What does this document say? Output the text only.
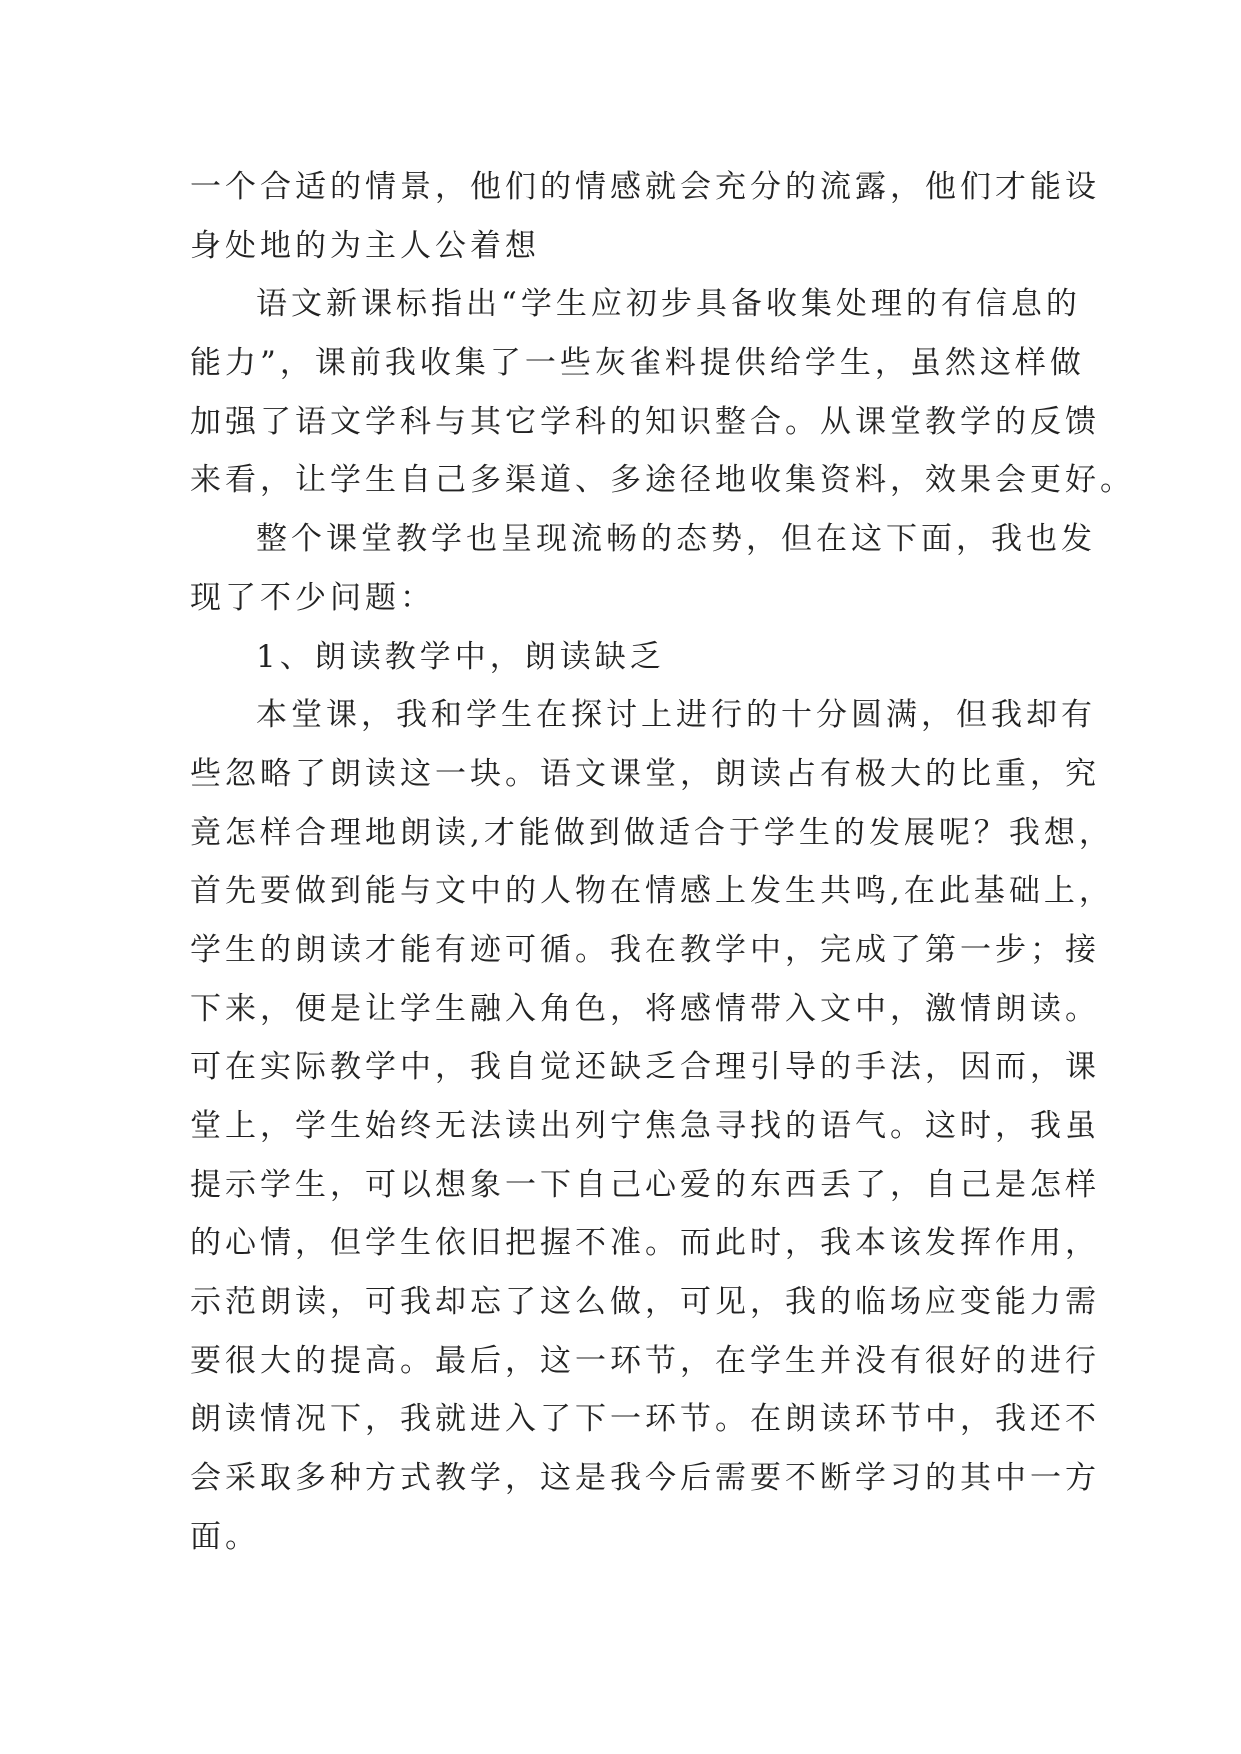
一个合适的情景，他们的情感就会充分的流露，他们才能设
身处地的为主人公着想
语文新课标指出“学生应初步具备收集处理的有信息的
能力”，课前我收集了一些灰雀料提供给学生，虽然这样做
加强了语文学科与其它学科的知识整合。从课堂教学的反馈
来看，让学生自己多渠道、多途径地收集资料，效果会更好。
整个课堂教学也呈现流畅的态势，但在这下面，我也发
现了不少问题：
1、朗读教学中，朗读缺乏
本堂课，我和学生在探讨上进行的十分圆满，但我却有
些忽略了朗读这一块。语文课堂，朗读占有极大的比重，究
竟怎样合理地朗读,才能做到做适合于学生的发展呢？我想，
首先要做到能与文中的人物在情感上发生共鸣,在此基础上，
学生的朗读才能有迹可循。我在教学中，完成了第一步；接
下来，便是让学生融入角色，将感情带入文中，激情朗读。
可在实际教学中，我自觉还缺乏合理引导的手法，因而，课
堂上，学生始终无法读出列宁焦急寻找的语气。这时，我虽
提示学生，可以想象一下自己心爱的东西丢了，自己是怎样
的心情，但学生依旧把握不准。而此时，我本该发挥作用，
示范朗读，可我却忘了这么做，可见，我的临场应变能力需
要很大的提高。最后，这一环节，在学生并没有很好的进行
朗读情况下，我就进入了下一环节。在朗读环节中，我还不
会采取多种方式教学，这是我今后需要不断学习的其中一方
面。
